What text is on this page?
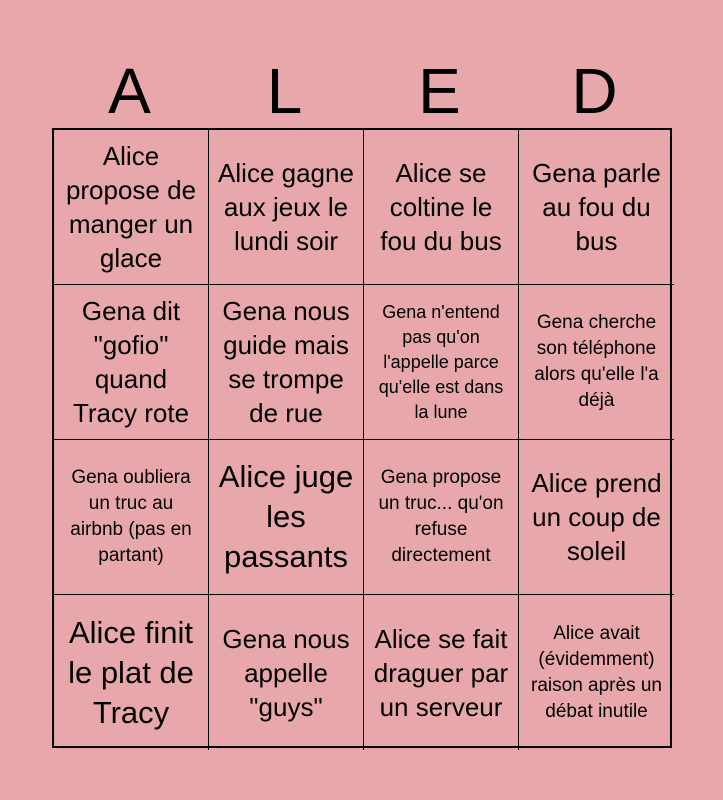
A	L	E	D
Alice propose de manger un glace
Alice gagne aux jeux le lundi soir
Alice se coltine le fou du bus
Gena parle au fou du bus
Gena dit "gofio" quand Tracy rote
Gena nous guide mais se trompe de rue
Gena n'entend pas qu'on l'appelle parce qu'elle est dans la lune
Gena cherche son téléphone alors qu'elle l'a déjà
Gena oubliera un truc au airbnb (pas en partant)
Alice juge les passants
Gena propose un truc... qu'on refuse directement
Alice prend un coup de soleil
Alice finit le plat de Tracy
Gena nous appelle "guys"
Alice se fait draguer par un serveur
Alice avait (évidemment) raison après un débat inutile
